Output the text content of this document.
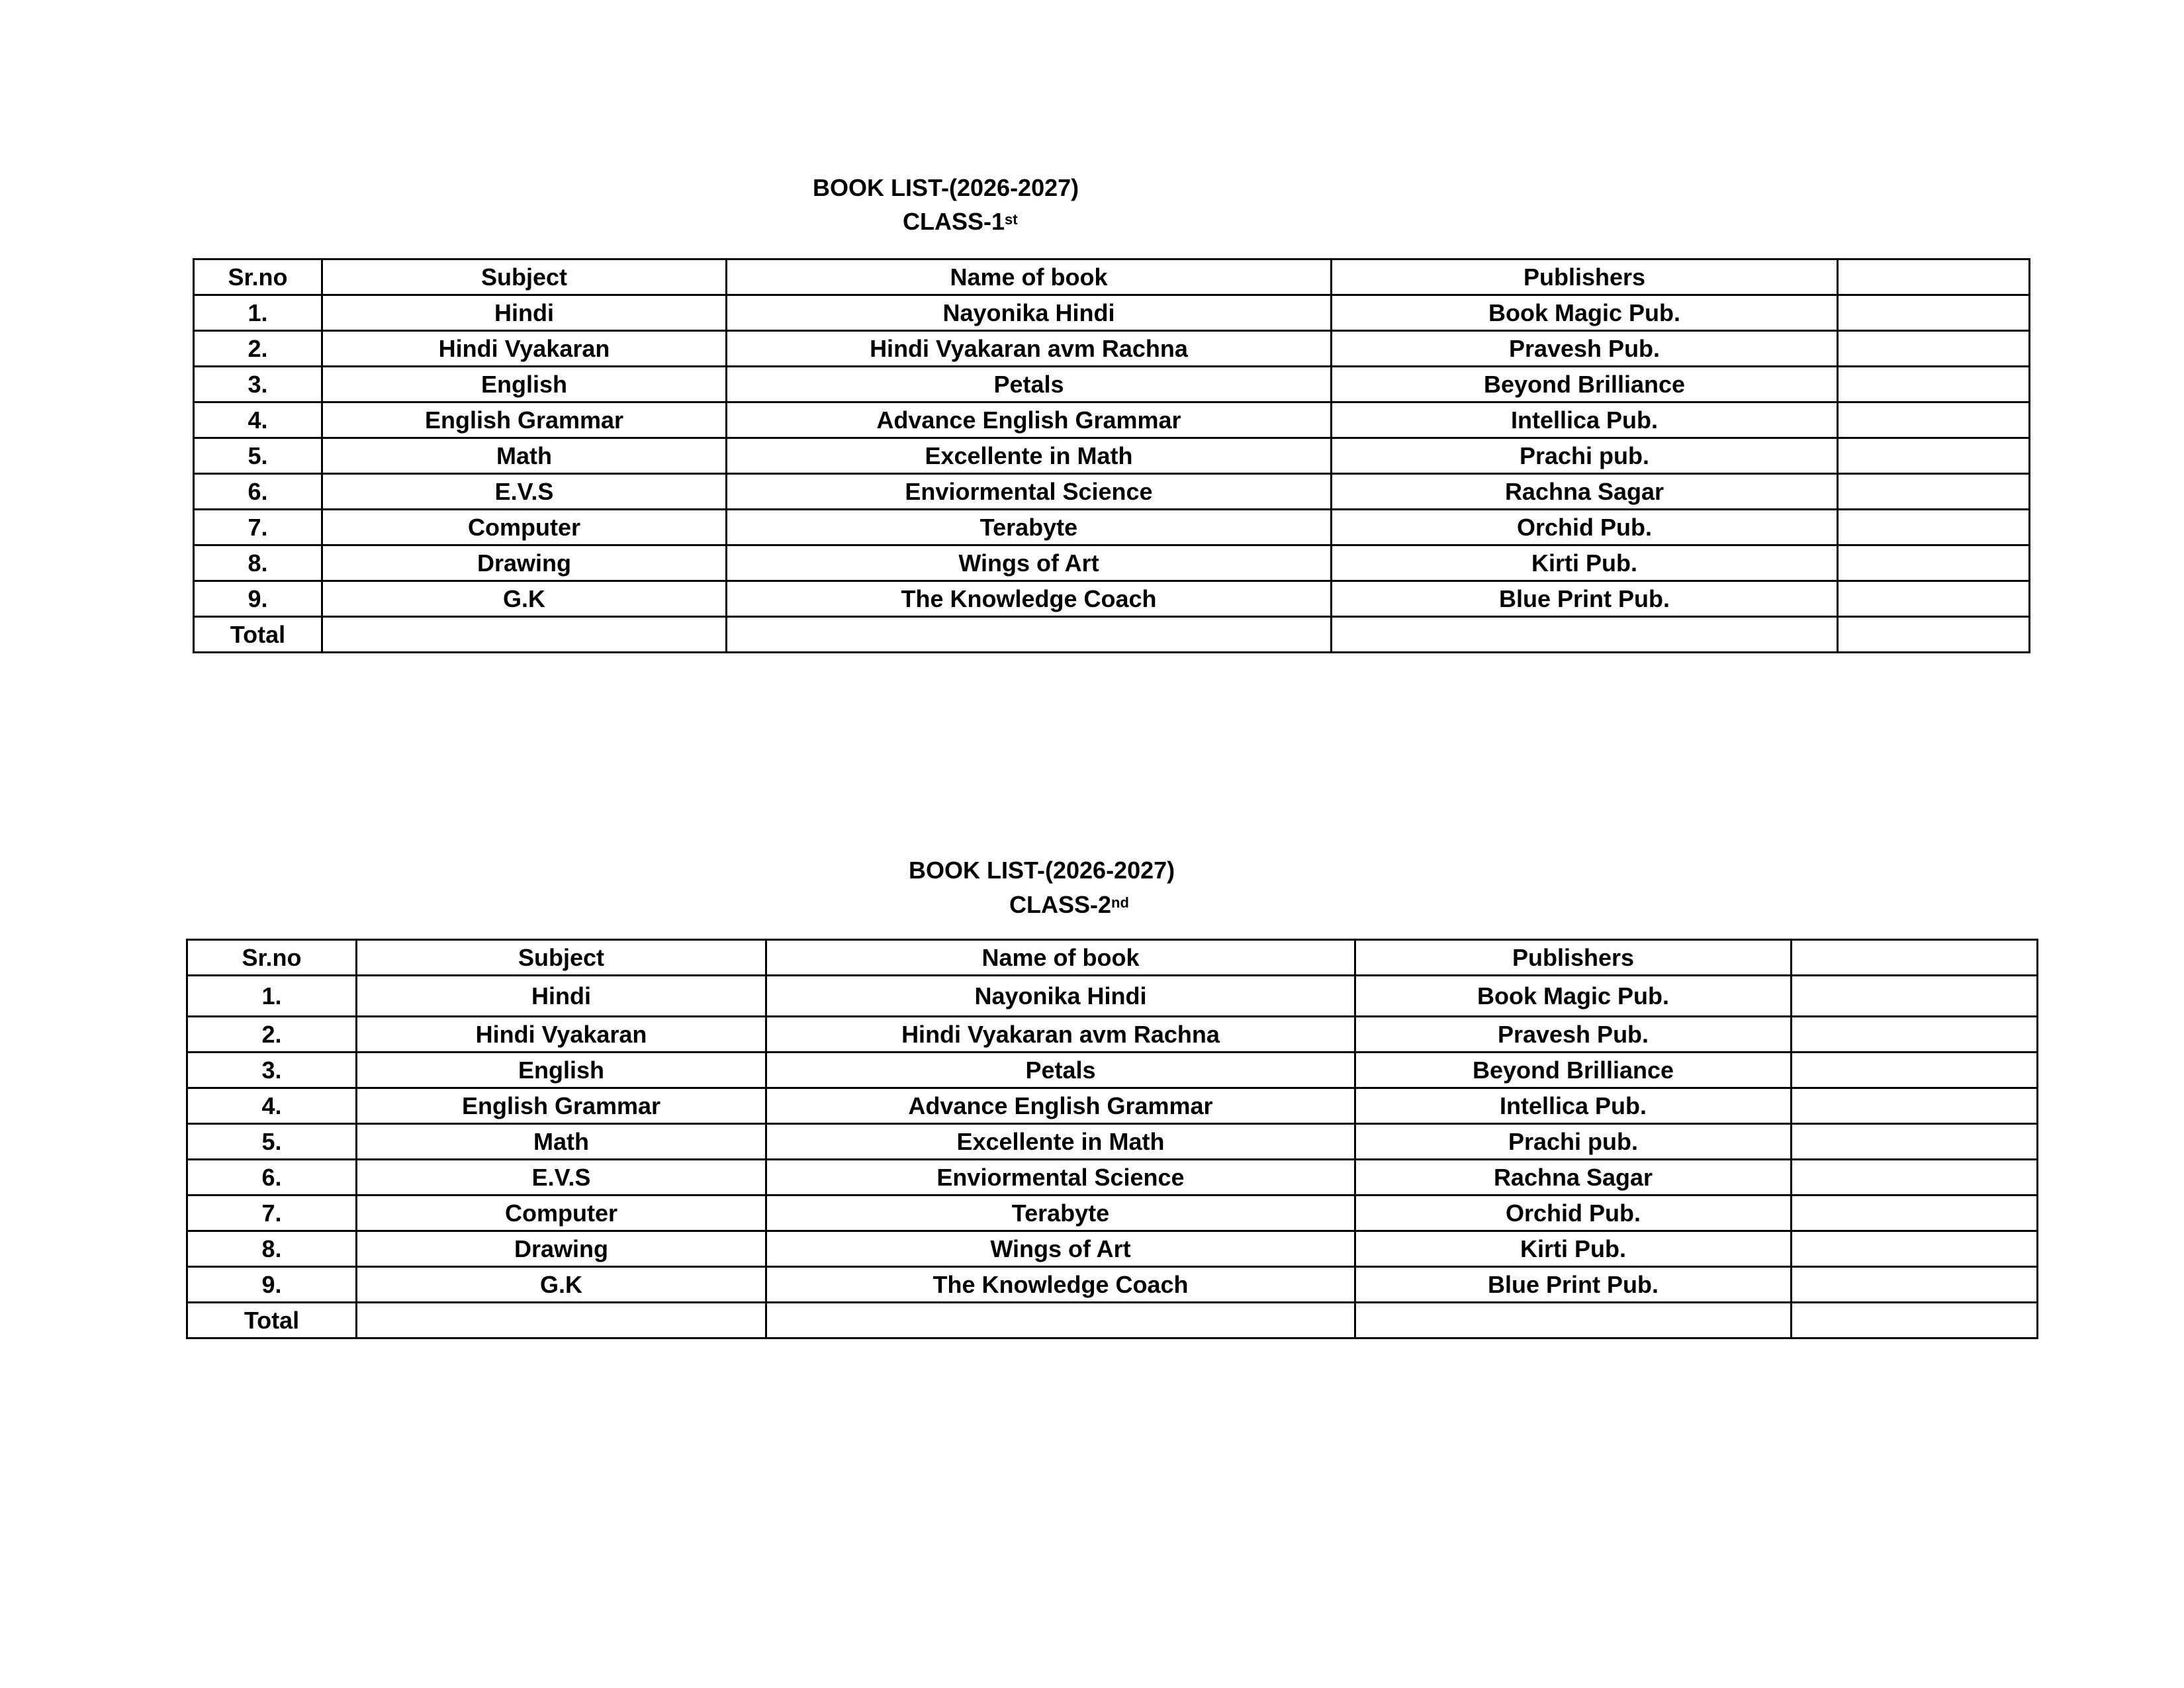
BOOK LIST-(2026-2027)
CLASS-1st
Sr.no	Subject	Name of book	Publishers	
1.	Hindi	Nayonika Hindi	Book Magic Pub.	
2.	Hindi Vyakaran	Hindi Vyakaran avm Rachna	Pravesh Pub.	
3.	English	Petals	Beyond Brilliance	
4.	English Grammar	Advance English Grammar	Intellica Pub.	
5.	Math	Excellente in Math	Prachi pub.	
6.	E.V.S	Enviormental Science	Rachna Sagar	
7.	Computer	Terabyte	Orchid Pub.	
8.	Drawing	Wings of Art	Kirti Pub.	
9.	G.K	The Knowledge Coach	Blue Print Pub.	
Total				
BOOK LIST-(2026-2027)
CLASS-2nd
Sr.no	Subject	Name of book	Publishers	
1.	Hindi	Nayonika Hindi	Book Magic Pub.	
2.	Hindi Vyakaran	Hindi Vyakaran avm Rachna	Pravesh Pub.	
3.	English	Petals	Beyond Brilliance	
4.	English Grammar	Advance English Grammar	Intellica Pub.	
5.	Math	Excellente in Math	Prachi pub.	
6.	E.V.S	Enviormental Science	Rachna Sagar	
7.	Computer	Terabyte	Orchid Pub.	
8.	Drawing	Wings of Art	Kirti Pub.	
9.	G.K	The Knowledge Coach	Blue Print Pub.	
Total				
